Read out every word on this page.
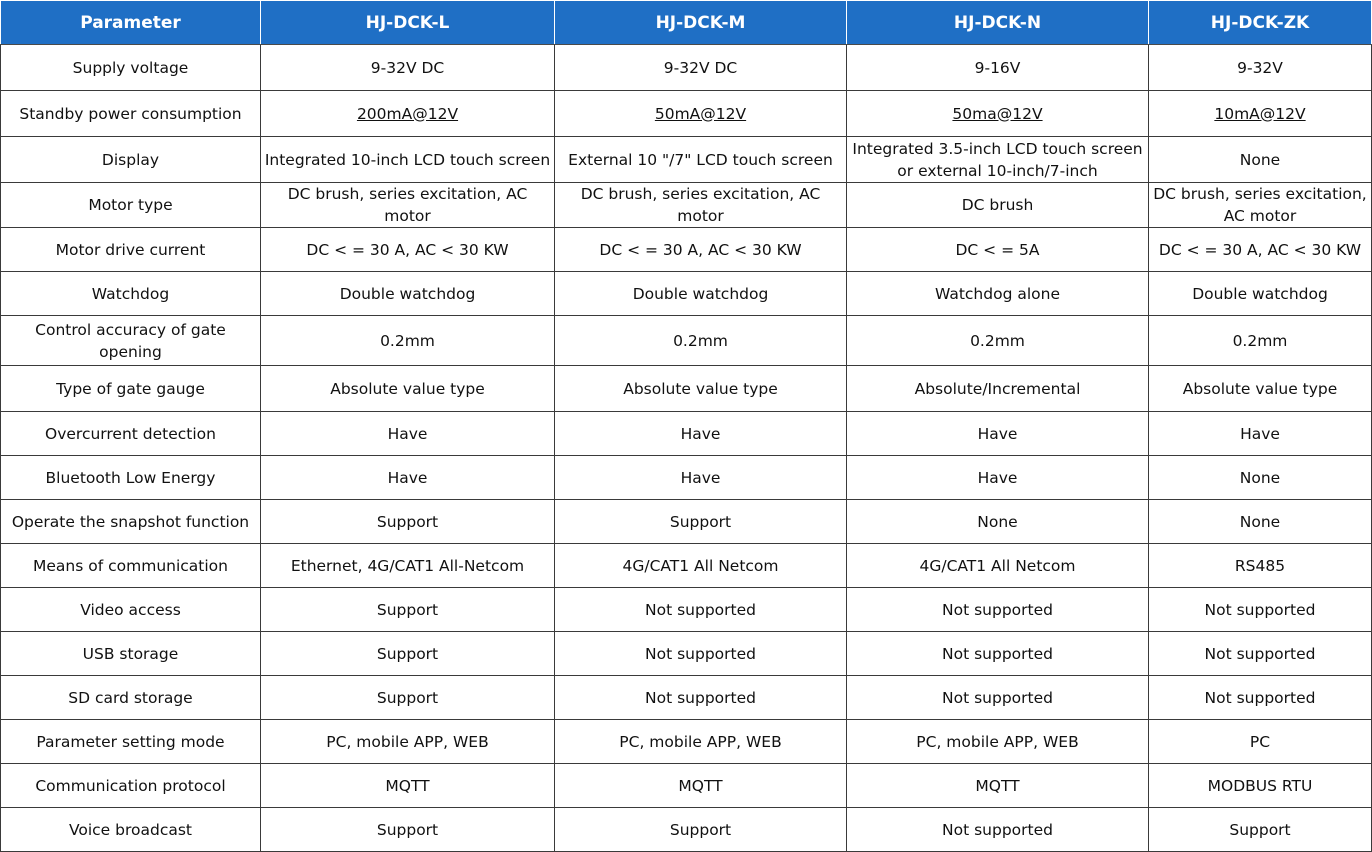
Parameter	HJ-DCK-L	HJ-DCK-M	HJ-DCK-N	HJ-DCK-ZK
Supply voltage	9-32V DC	9-32V DC	9-16V	9-32V
Standby power consumption	200mA@12V	50mA@12V	50ma@12V	10mA@12V
Display	Integrated 10-inch LCD touch screen	External 10 "/7" LCD touch screen	Integrated 3.5-inch LCD touch screen or external 10-inch/7-inch	None
Motor type	DC brush, series excitation, AC motor	DC brush, series excitation, AC motor	DC brush	DC brush, series excitation, AC motor
Motor drive current	DC < = 30 A, AC < 30 KW	DC < = 30 A, AC < 30 KW	DC < = 5A	DC < = 30 A, AC < 30 KW
Watchdog	Double watchdog	Double watchdog	Watchdog alone	Double watchdog
Control accuracy of gate opening	0.2mm	0.2mm	0.2mm	0.2mm
Type of gate gauge	Absolute value type	Absolute value type	Absolute/Incremental	Absolute value type
Overcurrent detection	Have	Have	Have	Have
Bluetooth Low Energy	Have	Have	Have	None
Operate the snapshot function	Support	Support	None	None
Means of communication	Ethernet, 4G/CAT1 All-Netcom	4G/CAT1 All Netcom	4G/CAT1 All Netcom	RS485
Video access	Support	Not supported	Not supported	Not supported
USB storage	Support	Not supported	Not supported	Not supported
SD card storage	Support	Not supported	Not supported	Not supported
Parameter setting mode	PC, mobile APP, WEB	PC, mobile APP, WEB	PC, mobile APP, WEB	PC
Communication protocol	MQTT	MQTT	MQTT	MODBUS RTU
Voice broadcast	Support	Support	Not supported	Support
